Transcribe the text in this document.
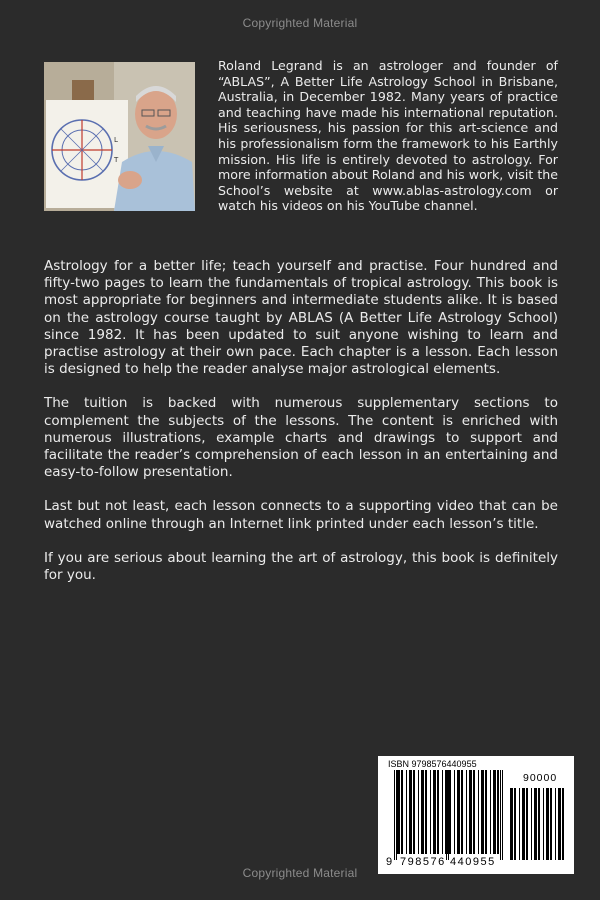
Copyrighted Material
L
T

Roland Legrand is an astrologer and founder of “ABLAS”, A Better Life Astrology School in Brisbane, Australia, in December 1982. Many years of practice and teaching have made his international reputation. His seriousness, his passion for this art-science and his professionalism form the framework to his Earthly mission. His life is entirely devoted to astrology. For more information about Roland and his work, visit the School’s website at www.ablas-astrology.com or watch his videos on his YouTube channel.

Astrology for a better life; teach yourself and practise. Four hundred and fifty-two pages to learn the fundamentals of tropical astrology. This book is most appropriate for beginners and intermediate students alike. It is based on the astrology course taught by ABLAS (A Better Life Astrology School) since 1982. It has been updated to suit anyone wishing to learn and practise astrology at their own pace. Each chapter is a lesson. Each lesson is designed to help the reader analyse major astrological elements.

The tuition is backed with numerous supplementary sections to complement the subjects of the lessons. The content is enriched with numerous illustrations, example charts and drawings to support and facilitate the reader’s comprehension of each lesson in an entertaining and easy-to-follow presentation.

Last but not least, each lesson connects to a supporting video that can be watched online through an Internet link printed under each lesson’s title.

If you are serious about learning the art of astrology, this book is definitely for you.

ISBN 9798576440955
90000
9 798576 440955
Copyrighted Material
